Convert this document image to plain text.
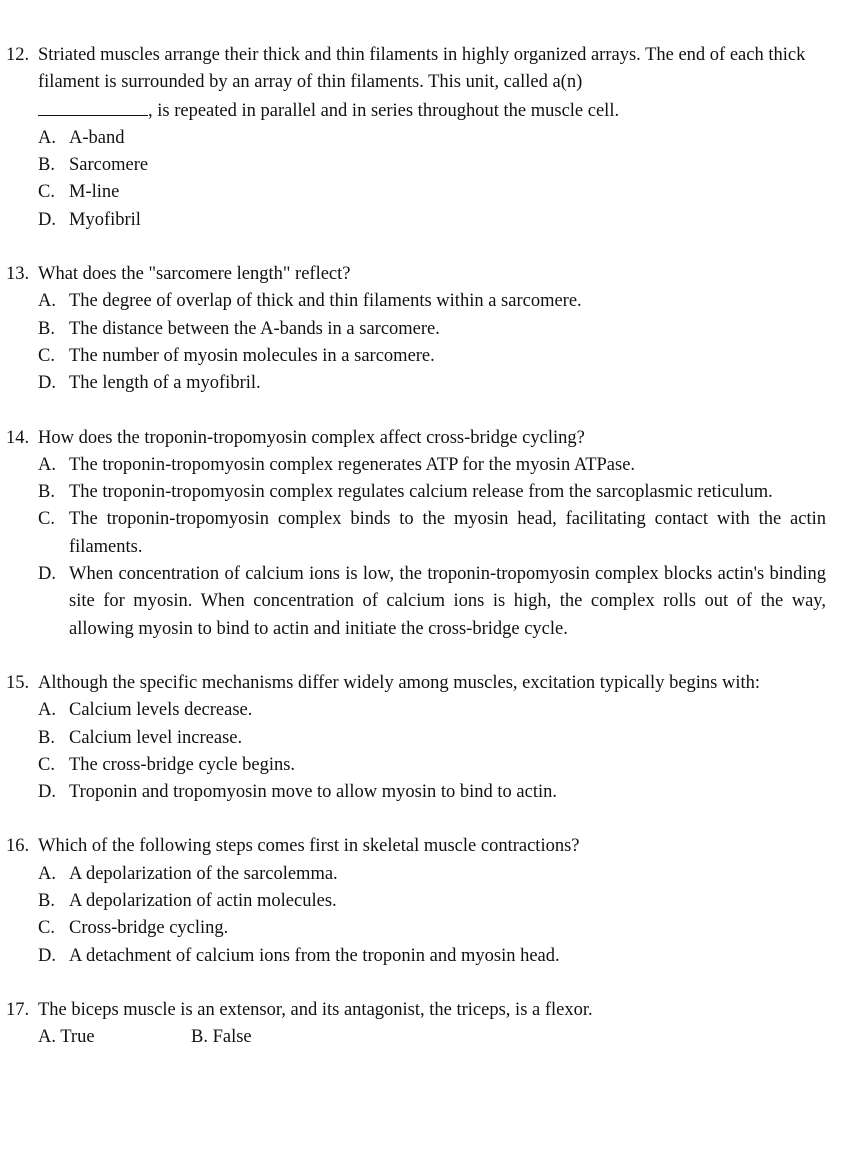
12. Striated muscles arrange their thick and thin filaments in highly organized arrays. The end of each thick filament is surrounded by an array of thin filaments. This unit, called a(n)
, is repeated in parallel and in series throughout the muscle cell.
A. A-band
B. Sarcomere
C. M-line
D. Myofibril
13. What does the "sarcomere length" reflect?
A. The degree of overlap of thick and thin filaments within a sarcomere.
B. The distance between the A-bands in a sarcomere.
C. The number of myosin molecules in a sarcomere.
D. The length of a myofibril.
14. How does the troponin-tropomyosin complex affect cross-bridge cycling?
A. The troponin-tropomyosin complex regenerates ATP for the myosin ATPase.
B. The troponin-tropomyosin complex regulates calcium release from the sarcoplasmic reticulum.
C. The troponin-tropomyosin complex binds to the myosin head, facilitating contact with the actin filaments.
D. When concentration of calcium ions is low, the troponin-tropomyosin complex blocks actin's binding site for myosin. When concentration of calcium ions is high, the complex rolls out of the way, allowing myosin to bind to actin and initiate the cross-bridge cycle.
15. Although the specific mechanisms differ widely among muscles, excitation typically begins with:
A. Calcium levels decrease.
B. Calcium level increase.
C. The cross-bridge cycle begins.
D. Troponin and tropomyosin move to allow myosin to bind to actin.
16. Which of the following steps comes first in skeletal muscle contractions?
A. A depolarization of the sarcolemma.
B. A depolarization of actin molecules.
C. Cross-bridge cycling.
D. A detachment of calcium ions from the troponin and myosin head.
17. The biceps muscle is an extensor, and its antagonist, the triceps, is a flexor.
A. True	B. False
